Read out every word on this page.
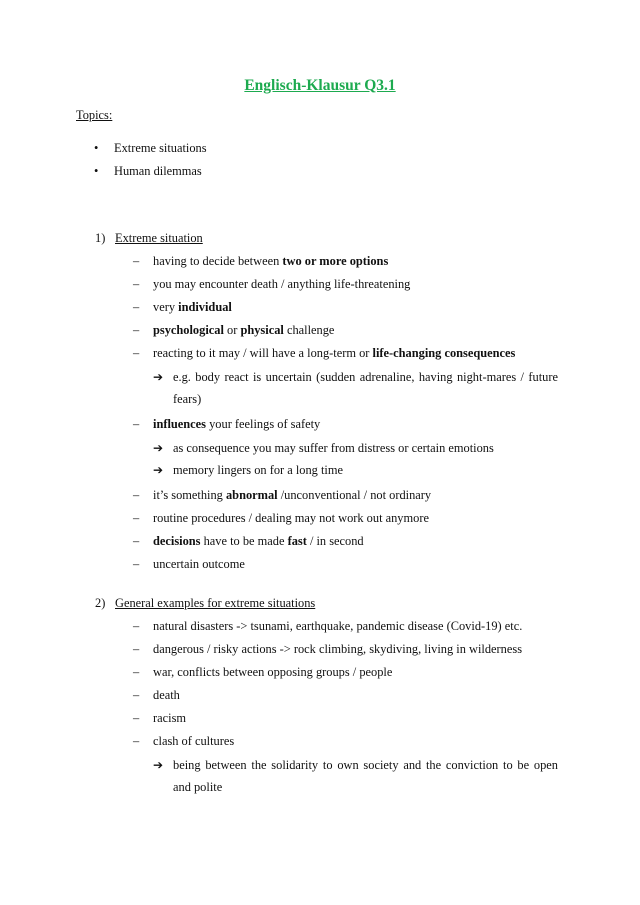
Englisch-Klausur Q3.1
Topics:
• Extreme situations
• Human dilemmas
1) Extreme situation
– having to decide between two or more options
– you may encounter death / anything life-threatening
– very individual
– psychological or physical challenge
– reacting to it may / will have a long-term or life-changing consequences
➔ e.g. body react is uncertain (sudden adrenaline, having night-mares / future fears)
– influences your feelings of safety
➔ as consequence you may suffer from distress or certain emotions
➔ memory lingers on for a long time
– it’s something abnormal /unconventional / not ordinary
– routine procedures / dealing may not work out anymore
– decisions have to be made fast / in second
– uncertain outcome
2) General examples for extreme situations
– natural disasters -> tsunami, earthquake, pandemic disease (Covid-19) etc.
– dangerous / risky actions -> rock climbing, skydiving, living in wilderness
– war, conflicts between opposing groups / people
– death
– racism
– clash of cultures
➔ being between the solidarity to own society and the conviction to be open and polite
